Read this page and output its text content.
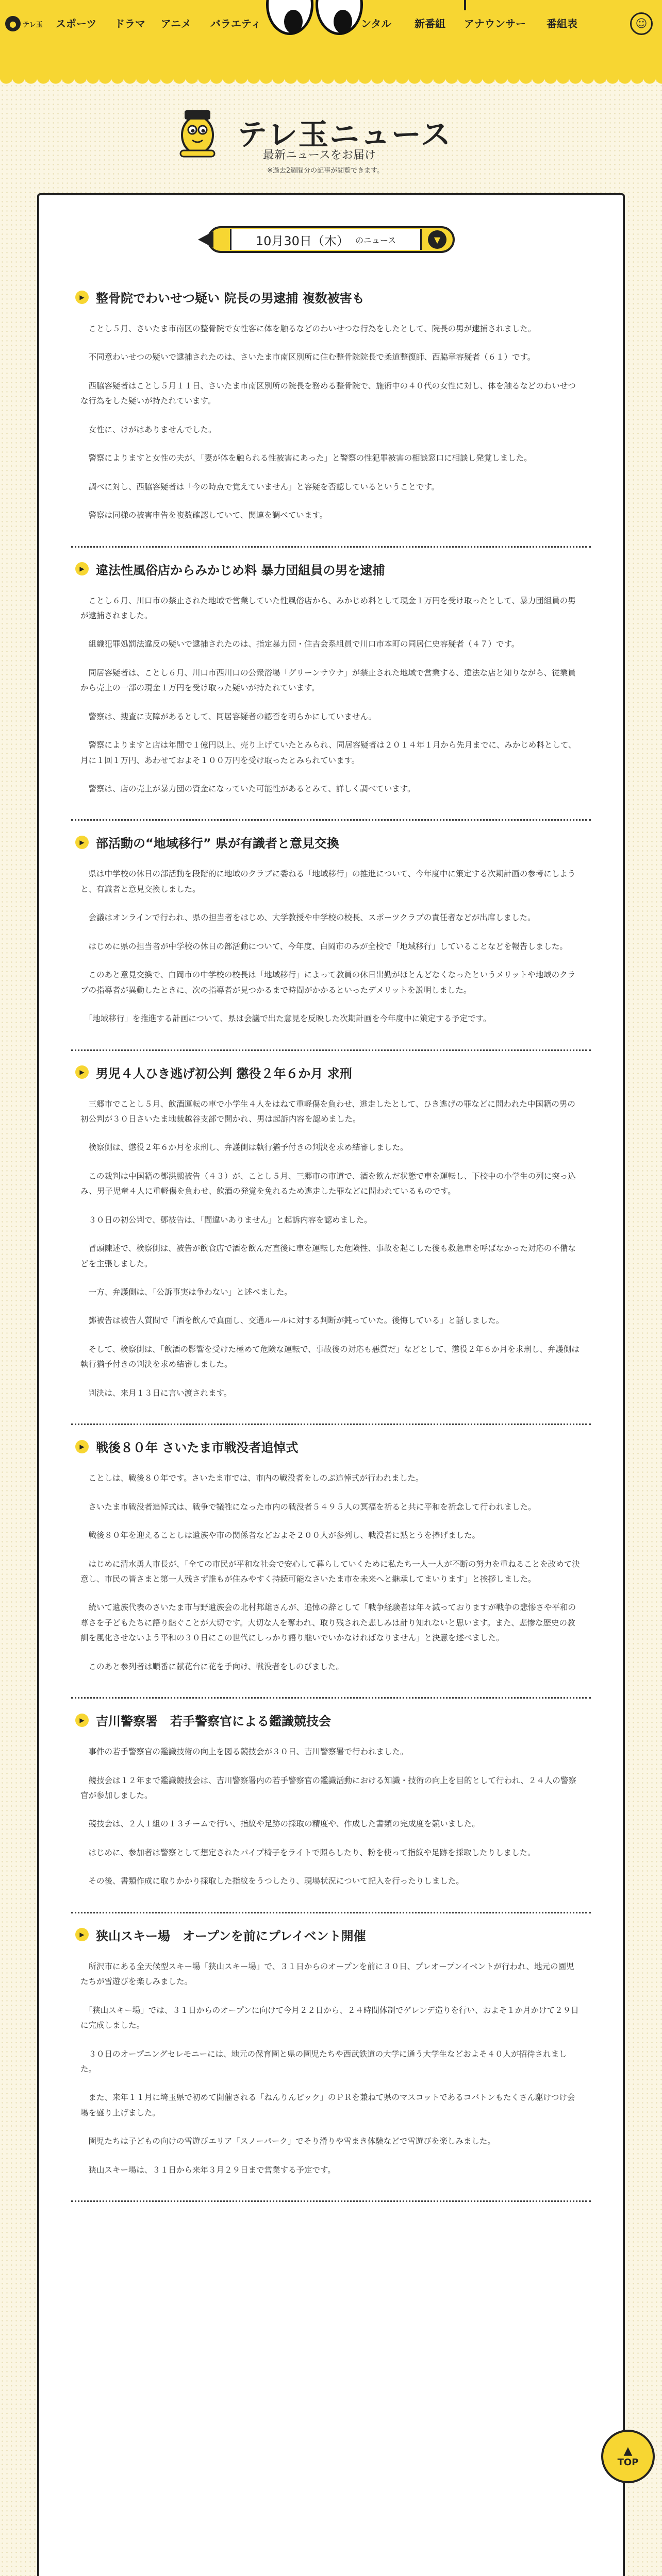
● テレ玉 スポーツ ドラマ アニメ バラエティ	ンタル 新番組 アナウンサー 番組表	☺
テレ玉ニュース

最新ニュースをお届け

※過去2週間分の記事が閲覧できます。

10月30日（木） のニュース	▼
▶ 整骨院でわいせつ疑い 院長の男逮捕 複数被害も

　ことし５月、さいたま市南区の整骨院で女性客に体を触るなどのわいせつな行為をしたとして、院長の男が逮捕されました。

　不同意わいせつの疑いで逮捕されたのは、さいたま市南区別所に住む整骨院院長で柔道整復師、西脇章容疑者（６１）です。

　西脇容疑者はことし５月１１日、さいたま市南区別所の院長を務める整骨院で、施術中の４０代の女性に対し、体を触るなどのわいせつな行為をした疑いが持たれています。

　女性に、けがはありませんでした。

　警察によりますと女性の夫が、「妻が体を触られる性被害にあった」と警察の性犯罪被害の相談窓口に相談し発覚しました。

　調べに対し、西脇容疑者は「今の時点で覚えていません」と容疑を否認しているということです。

　警察は同様の被害申告を複数確認していて、関連を調べています。

▶ 違法性風俗店からみかじめ料 暴力団組員の男を逮捕

　ことし６月、川口市の禁止された地域で営業していた性風俗店から、みかじめ料として現金１万円を受け取ったとして、暴力団組員の男が逮捕されました。

　組織犯罪処罰法違反の疑いで逮捕されたのは、指定暴力団・住吉会系組員で川口市本町の同居仁史容疑者（４７）です。

　同居容疑者は、ことし６月、川口市西川口の公衆浴場「グリーンサウナ」が禁止された地域で営業する、違法な店と知りながら、従業員から売上の一部の現金１万円を受け取った疑いが持たれています。

　警察は、捜査に支障があるとして、同居容疑者の認否を明らかにしていません。

　警察によりますと店は年間で１億円以上、売り上げていたとみられ、同居容疑者は２０１４年１月から先月までに、みかじめ料として、月に１回１万円、あわせておよそ１００万円を受け取ったとみられています。

　警察は、店の売上が暴力団の資金になっていた可能性があるとみて、詳しく調べています。

▶ 部活動の“地域移行” 県が有識者と意見交換

　県は中学校の休日の部活動を段階的に地域のクラブに委ねる「地域移行」の推進について、今年度中に策定する次期計画の参考にしようと、有識者と意見交換しました。

　会議はオンラインで行われ、県の担当者をはじめ、大学教授や中学校の校長、スポーツクラブの責任者などが出席しました。

　はじめに県の担当者が中学校の休日の部活動について、今年度、白岡市のみが全校で「地域移行」していることなどを報告しました。

　このあと意見交換で、白岡市の中学校の校長は「地域移行」によって教員の休日出勤がほとんどなくなったというメリットや地域のクラブの指導者が異動したときに、次の指導者が見つかるまで時間がかかるといったデメリットを説明しました。

　「地域移行」を推進する計画について、県は会議で出た意見を反映した次期計画を今年度中に策定する予定です。

▶ 男児４人ひき逃げ初公判 懲役２年６か月 求刑

　三郷市でことし５月、飲酒運転の車で小学生４人をはねて重軽傷を負わせ、逃走したとして、ひき逃げの罪などに問われた中国籍の男の初公判が３０日さいたま地裁越谷支部で開かれ、男は起訴内容を認めました。

　検察側は、懲役２年６か月を求刑し、弁護側は執行猶予付きの判決を求め結審しました。

　この裁判は中国籍の鄧洪鵬被告（４３）が、ことし５月、三郷市の市道で、酒を飲んだ状態で車を運転し、下校中の小学生の列に突っ込み、男子児童４人に重軽傷を負わせ、飲酒の発覚を免れるため逃走した罪などに問われているものです。

　３０日の初公判で、鄧被告は、「間違いありません」と起訴内容を認めました。

　冒頭陳述で、検察側は、被告が飲食店で酒を飲んだ直後に車を運転した危険性、事故を起こした後も救急車を呼ばなかった対応の不備などを主張しました。

　一方、弁護側は、「公訴事実は争わない」と述べました。

　鄧被告は被告人質問で「酒を飲んで真面し、交通ルールに対する判断が鈍っていた。後悔している」と話しました。

　そして、検察側は、「飲酒の影響を受けた極めて危険な運転で、事故後の対応も悪質だ」などとして、懲役２年６か月を求刑し、弁護側は執行猶予付きの判決を求め結審しました。

　判決は、来月１３日に言い渡されます。

▶ 戦後８０年 さいたま市戦没者追悼式

　ことしは、戦後８０年です。さいたま市では、市内の戦没者をしのぶ追悼式が行われました。

　さいたま市戦没者追悼式は、戦争で犠牲になった市内の戦没者５４９５人の冥福を祈ると共に平和を祈念して行われました。

　戦後８０年を迎えることしは遺族や市の関係者などおよそ２００人が参列し、戦没者に黙とうを捧げました。

　はじめに清水勇人市長が、「全ての市民が平和な社会で安心して暮らしていくために私たち一人一人が不断の努力を重ねることを改めて決意し、市民の皆さまと第一人残さず誰もが住みやすく持続可能なさいたま市を未来へと継承してまいります」と挨拶しました。

　続いて遺族代表のさいたま市与野遺族会の北村邦雄さんが、追悼の辞として「戦争経験者は年々減っておりますが戦争の悲惨さや平和の尊さを子どもたちに語り継ぐことが大切です。大切な人を奪われ、取り残された悲しみは計り知れないと思います。また、悲惨な歴史の教訓を風化させないよう平和の３０日にこの世代にしっかり語り継いでいかなければなりません」と決意を述べました。

　このあと参列者は順番に献花台に花を手向け、戦没者をしのびました。

▶ 吉川警察署　若手警察官による鑑識競技会

　事件の若手警察官の鑑識技術の向上を図る競技会が３０日、吉川警察署で行われました。

　競技会は１２年まで鑑識競技会は、吉川警察署内の若手警察官の鑑識活動における知識・技術の向上を目的として行われ、２４人の警察官が参加しました。

　競技会は、２人１組の１３チームで行い、指紋や足跡の採取の精度や、作成した書類の完成度を競いました。

　はじめに、参加者は警察として想定されたパイプ椅子をライトで照らしたり、粉を使って指紋や足跡を採取したりしました。

　その後、書類作成に取りかかり採取した指紋をうつしたり、現場状況について記入を行ったりしました。

▶ 狭山スキー場　オープンを前にプレイベント開催

　所沢市にある全天候型スキー場「狭山スキー場」で、３１日からのオープンを前に３０日、プレオープンイベントが行われ、地元の園児たちが雪遊びを楽しみました。

　「狭山スキー場」では、３１日からのオープンに向けて今月２２日から、２４時間体制でゲレンデ造りを行い、およそ１か月かけて２９日に完成しました。

　３０日のオープニングセレモニーには、地元の保育園と県の園児たちや西武鉄道の大学に通う大学生などおよそ４０人が招待されました。

　また、来年１１月に埼玉県で初めて開催される「ねんりんピック」のＰＲを兼ねて県のマスコットであるコバトンもたくさん駆けつけ会場を盛り上げました。

　園児たちは子どもの向けの雪遊びエリア「スノーパーク」でそり滑りや雪まき体験などで雪遊びを楽しみました。

　狭山スキー場は、３１日から来年３月２９日まで営業する予定です。

▲
TOP
